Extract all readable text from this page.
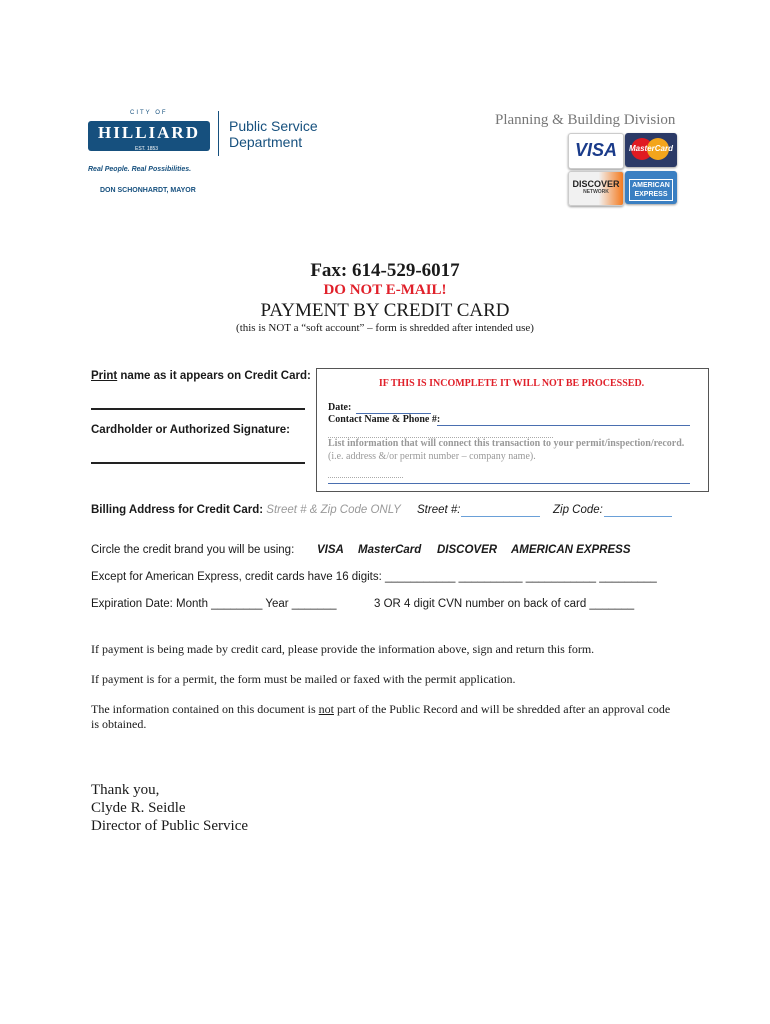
CITY OF
HILLIARD
EST. 1853
Public Service
Department
Real People. Real Possibilities.
DON SCHONHARDT, MAYOR
Planning & Building Division
VISA	MasterCard
DISCOVER
NETWORK
AMERICAN
EXPRESS
Fax: 614-529-6017
DO NOT E-MAIL!
PAYMENT BY CREDIT CARD
(this is NOT a “soft account” – form is shredded after intended use)
Print name as it appears on Credit Card:
Cardholder or Authorized Signature:
IF THIS IS INCOMPLETE IT WILL NOT BE PROCESSED.
Date:
Contact Name & Phone #:
List information that will connect this transaction to your permit/inspection/record.
(i.e. address &/or permit number – company name).
Billing Address for Credit Card: Street # & Zip Code ONLY Street #:	Zip Code:
Circle the credit brand you will be using: VISA MasterCard DISCOVER AMERICAN EXPRESS
Except for American Express, credit cards have 16 digits: ___________ __________ ___________ _________
Expiration Date: Month ________ Year _______	3 OR 4 digit CVN number on back of card _______
If payment is being made by credit card, please provide the information above, sign and return this form.
If payment is for a permit, the form must be mailed or faxed with the permit application.
The information contained on this document is not part of the Public Record and will be shredded after an approval code
is obtained.
Thank you,
Clyde R. Seidle
Director of Public Service
